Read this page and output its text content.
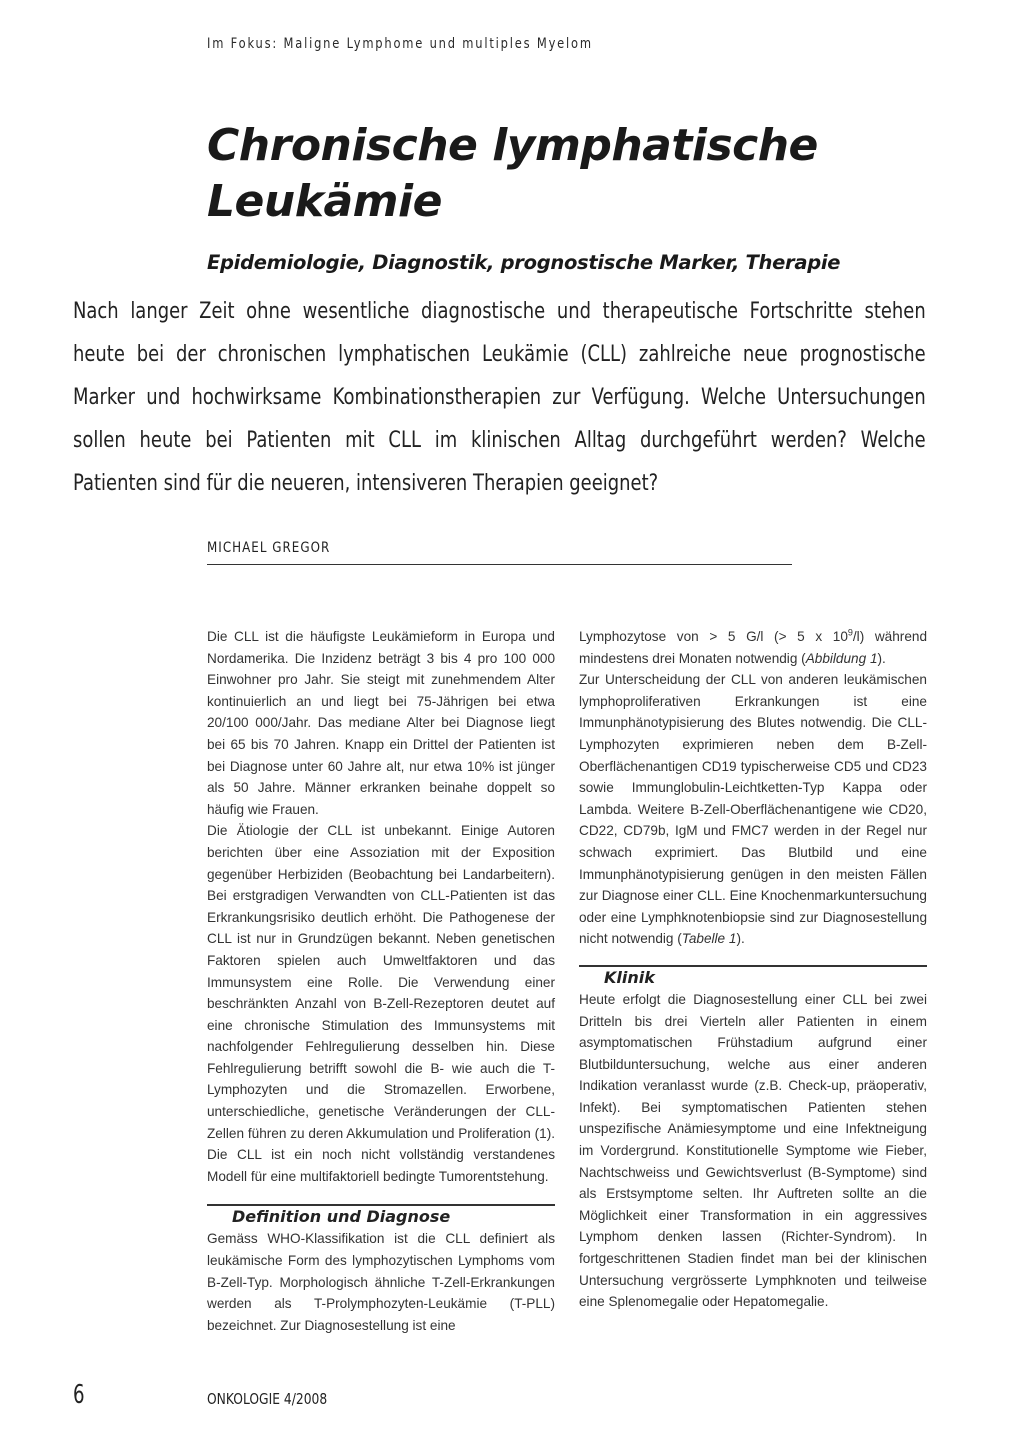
Im Fokus: Maligne Lymphome und multiples Myelom
Chronische lymphatische
Leukämie
Epidemiologie, Diagnostik, prognostische Marker, Therapie
Nach langer Zeit ohne wesentliche diagnostische und therapeutische Fortschritte stehen heute bei der chronischen lymphatischen Leukämie (CLL) zahlreiche neue prognostische Marker und hochwirksame Kombinationstherapien zur Verfügung. Welche Untersuchungen sollen heute bei Patienten mit CLL im klinischen Alltag durchgeführt werden? Welche Patienten sind für die neueren, intensiveren Therapien geeignet?
MICHAEL GREGOR

Die CLL ist die häufigste Leukämieform in Europa und Nordamerika. Die Inzidenz beträgt 3 bis 4 pro 100 000 Einwohner pro Jahr. Sie steigt mit zunehmendem Alter kontinuierlich an und liegt bei 75-Jährigen bei etwa 20/100 000/Jahr. Das mediane Alter bei Diagnose liegt bei 65 bis 70 Jahren. Knapp ein Drittel der Patienten ist bei Diagnose unter 60 Jahre alt, nur etwa 10% ist jünger als 50 Jahre. Männer erkranken beinahe doppelt so häufig wie Frauen.

Die Ätiologie der CLL ist unbekannt. Einige Autoren berichten über eine Assoziation mit der Exposition gegenüber Herbiziden (Beobachtung bei Landarbeitern). Bei erstgradigen Verwandten von CLL-Patienten ist das Erkrankungsrisiko deutlich erhöht. Die Pathogenese der CLL ist nur in Grundzügen bekannt. Neben genetischen Faktoren spielen auch Umweltfaktoren und das Immunsystem eine Rolle. Die Verwendung einer beschränkten Anzahl von B-Zell-Rezeptoren deutet auf eine chronische Stimulation des Immunsystems mit nachfolgender Fehlregulierung desselben hin. Diese Fehlregulierung betrifft sowohl die B- wie auch die T-Lymphozyten und die Stromazellen. Erworbene, unterschiedliche, genetische Veränderungen der CLL-Zellen führen zu deren Akkumulation und Proliferation (1). Die CLL ist ein noch nicht vollständig verstandenes Modell für eine multifaktoriell bedingte Tumorentstehung.

Definition und Diagnose

Gemäss WHO-Klassifikation ist die CLL definiert als leukämische Form des lymphozytischen Lymphoms vom B-Zell-Typ. Morphologisch ähnliche T-Zell-Erkrankungen werden als T-Prolymphozyten-Leukämie (T-PLL) bezeichnet. Zur Diagnosestellung ist eine

Lymphozytose von > 5 G/l (> 5 x $10^9/l$) während mindestens drei Monaten notwendig (Abbildung 1).

Zur Unterscheidung der CLL von anderen leukämischen lymphoproliferativen Erkrankungen ist eine Immunphänotypisierung des Blutes notwendig. Die CLL-Lymphozyten exprimieren neben dem B-Zell-Oberflächenantigen CD19 typischerweise CD5 und CD23 sowie Immunglobulin-Leichtketten-Typ Kappa oder Lambda. Weitere B-Zell-Oberflächenantigene wie CD20, CD22, CD79b, IgM und FMC7 werden in der Regel nur schwach exprimiert. Das Blutbild und eine Immunphänotypisierung genügen in den meisten Fällen zur Diagnose einer CLL. Eine Knochenmarkuntersuchung oder eine Lymphknotenbiopsie sind zur Diagnosestellung nicht notwendig (Tabelle 1).

Klinik

Heute erfolgt die Diagnosestellung einer CLL bei zwei Dritteln bis drei Vierteln aller Patienten in einem asymptomatischen Frühstadium aufgrund einer Blutbilduntersuchung, welche aus einer anderen Indikation veranlasst wurde (z.B. Check-up, präoperativ, Infekt). Bei symptomatischen Patienten stehen unspezifische Anämiesymptome und eine Infektneigung im Vordergrund. Konstitutionelle Symptome wie Fieber, Nachtschweiss und Gewichtsverlust (B-Symptome) sind als Erstsymptome selten. Ihr Auftreten sollte an die Möglichkeit einer Transformation in ein aggressives Lymphom denken lassen (Richter-Syndrom). In fortgeschrittenen Stadien findet man bei der klinischen Untersuchung vergrösserte Lymphknoten und teilweise eine Splenomegalie oder Hepatomegalie.

6	ONKOLOGIE 4/2008
